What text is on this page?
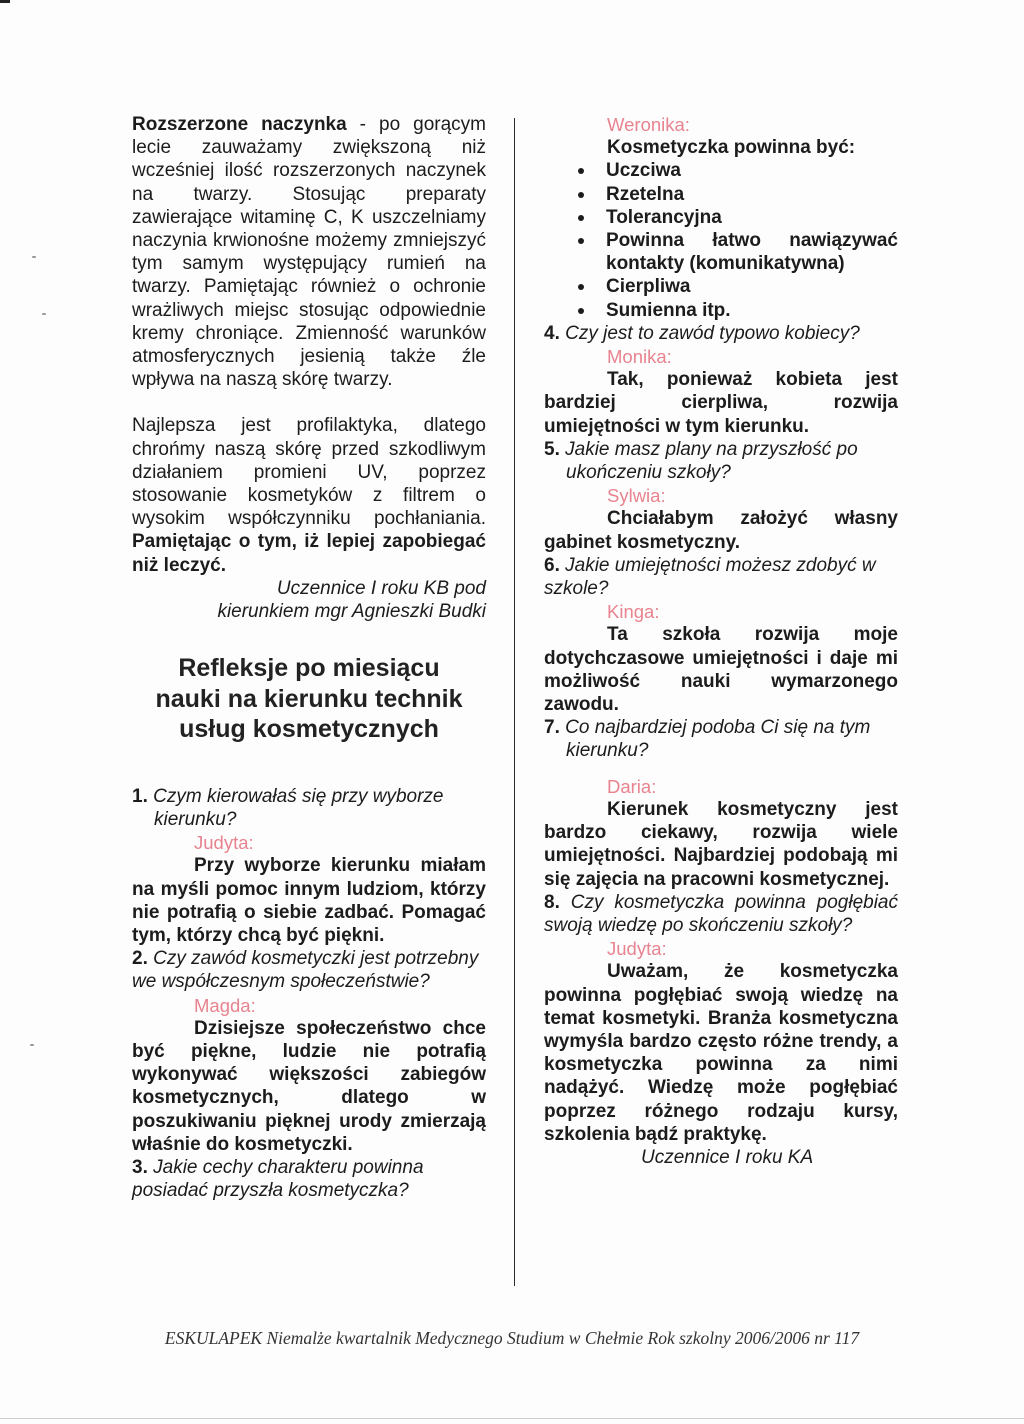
Rozszerzone naczynka - po gorącym lecie zauważamy zwiększoną niż wcześniej ilość rozszerzonych naczynek na twarzy. Stosując preparaty zawierające witaminę C, K uszczelniamy naczynia krwionośne możemy zmniejszyć tym samym występujący rumień na twarzy. Pamiętając również o ochronie wrażliwych miejsc stosując odpowiednie kremy chroniące. Zmienność warunków atmosferycznych jesienią także źle wpływa na naszą skórę twarzy.

Najlepsza jest profilaktyka, dlatego chrońmy naszą skórę przed szkodliwym działaniem promieni UV, poprzez stosowanie kosmetyków z filtrem o wysokim współczynniku pochłaniania. Pamiętając o tym, iż lepiej zapobiegać niż leczyć.

Uczennice I roku KB pod
kierunkiem mgr Agnieszki Budki

Refleksje po miesiącu
nauki na kierunku technik
usług kosmetycznych

1. Czym kierowałaś się przy wyborze kierunku?

Judyta:

Przy wyborze kierunku miałam na myśli pomoc innym ludziom, którzy nie potrafią o siebie zadbać. Pomagać tym, którzy chcą być piękni.

2. Czy zawód kosmetyczki jest potrzebny we współczesnym społeczeństwie?

Magda:

Dzisiejsze społeczeństwo chce być piękne, ludzie nie potrafią wykonywać większości zabiegów kosmetycznych, dlatego w poszukiwaniu pięknej urody zmierzają właśnie do kosmetyczki.

3. Jakie cechy charakteru powinna posiadać przyszła kosmetyczka?

Weronika:

Kosmetyczka powinna być:

Uczciwa
Rzetelna
Tolerancyjna
Powinna łatwo nawiązywać kontakty (komunikatywna)
Cierpliwa
Sumienna itp.

4. Czy jest to zawód typowo kobiecy?

Monika:

Tak, ponieważ kobieta jest bardziej cierpliwa, rozwija umiejętności w tym kierunku.

5. Jakie masz plany na przyszłość po ukończeniu szkoły?

Sylwia:

Chciałabym założyć własny gabinet kosmetyczny.

6. Jakie umiejętności możesz zdobyć w szkole?

Kinga:

Ta szkoła rozwija moje dotychczasowe umiejętności i daje mi możliwość nauki wymarzonego zawodu.

7. Co najbardziej podoba Ci się na tym kierunku?

Daria:

Kierunek kosmetyczny jest bardzo ciekawy, rozwija wiele umiejętności. Najbardziej podobają mi się zajęcia na pracowni kosmetycznej.

8. Czy kosmetyczka powinna pogłębiać swoją wiedzę po skończeniu szkoły?

Judyta:

Uważam, że kosmetyczka powinna pogłębiać swoją wiedzę na temat kosmetyki. Branża kosmetyczna wymyśla bardzo często różne trendy, a kosmetyczka powinna za nimi nadążyć. Wiedzę może pogłębiać poprzez różnego rodzaju kursy, szkolenia bądź praktykę.

Uczennice I roku KA

ESKULAPEK Niemalże kwartalnik Medycznego Studium w Chełmie Rok szkolny 2006/2006 nr 117
